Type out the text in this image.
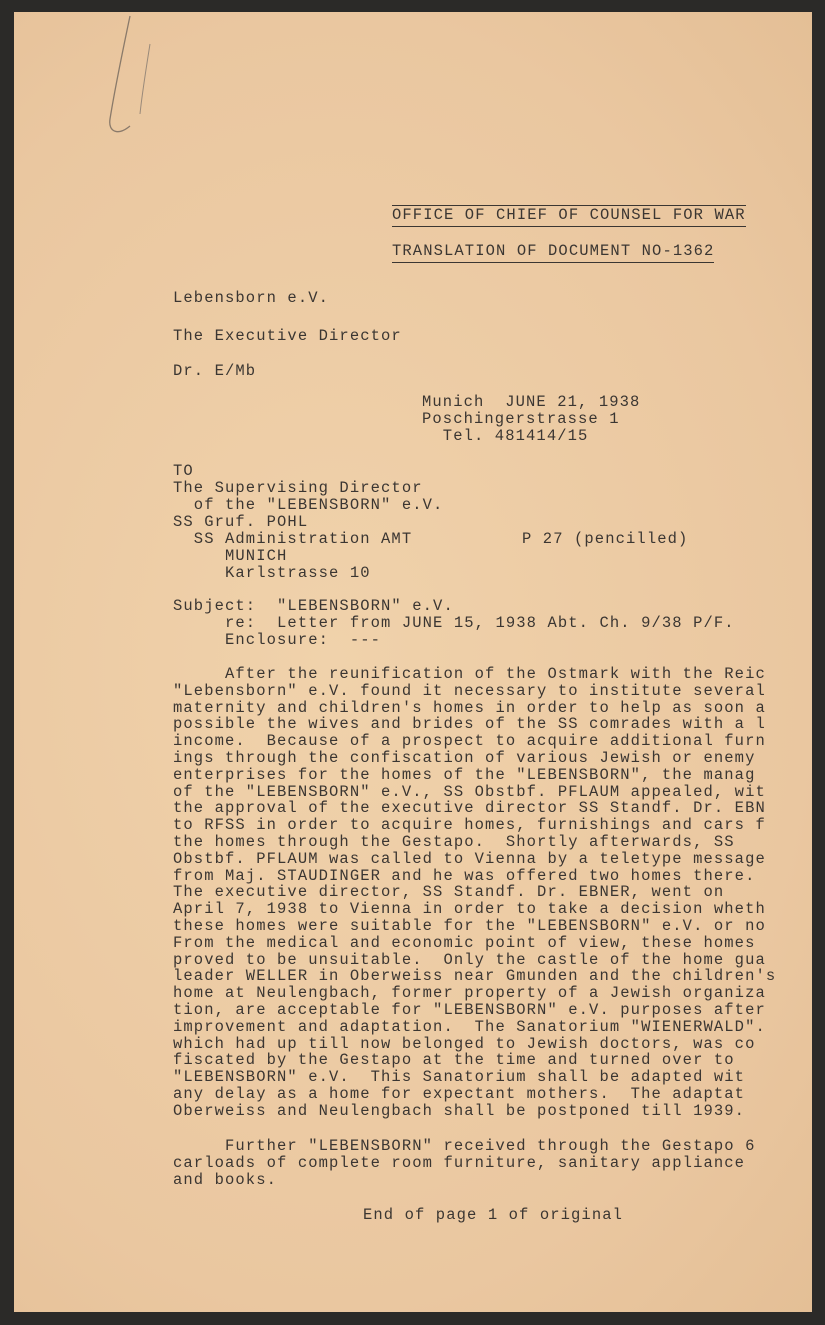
OFFICE OF CHIEF OF COUNSEL FOR WAR
TRANSLATION OF DOCUMENT NO-1362
Lebensborn e.V.
The Executive Director
Dr. E/Mb
Munich  JUNE 21, 1938
Poschingerstrasse 1
Tel. 481414/15
TO
The Supervising Director
of the "LEBENSBORN" e.V.
SS Gruf. POHL
SS Administration AMT
MUNICH
Karlstrasse 10
P 27 (pencilled)
Subject:  "LEBENSBORN" e.V.
re:  Letter from JUNE 15, 1938 Abt. Ch. 9/38 P/F.
Enclosure:  ---
After the reunification of the Ostmark with the Reic
"Lebensborn" e.V. found it necessary to institute several
maternity and children's homes in order to help as soon a
possible the wives and brides of the SS comrades with a l
income.  Because of a prospect to acquire additional furn
ings through the confiscation of various Jewish or enemy
enterprises for the homes of the "LEBENSBORN", the manag
of the "LEBENSBORN" e.V., SS Obstbf. PFLAUM appealed, wit
the approval of the executive director SS Standf. Dr. EBN
to RFSS in order to acquire homes, furnishings and cars f
the homes through the Gestapo.  Shortly afterwards, SS
Obstbf. PFLAUM was called to Vienna by a teletype message
from Maj. STAUDINGER and he was offered two homes there.
The executive director, SS Standf. Dr. EBNER, went on
April 7, 1938 to Vienna in order to take a decision wheth
these homes were suitable for the "LEBENSBORN" e.V. or no
From the medical and economic point of view, these homes
proved to be unsuitable.  Only the castle of the home gua
leader WELLER in Oberweiss near Gmunden and the children's
home at Neulengbach, former property of a Jewish organiza
tion, are acceptable for "LEBENSBORN" e.V. purposes after
improvement and adaptation.  The Sanatorium "WIENERWALD".
which had up till now belonged to Jewish doctors, was co
fiscated by the Gestapo at the time and turned over to
"LEBENSBORN" e.V.  This Sanatorium shall be adapted wit
any delay as a home for expectant mothers.  The adaptat
Oberweiss and Neulengbach shall be postponed till 1939.
Further "LEBENSBORN" received through the Gestapo 6
carloads of complete room furniture, sanitary appliance
and books.
End of page 1 of original
